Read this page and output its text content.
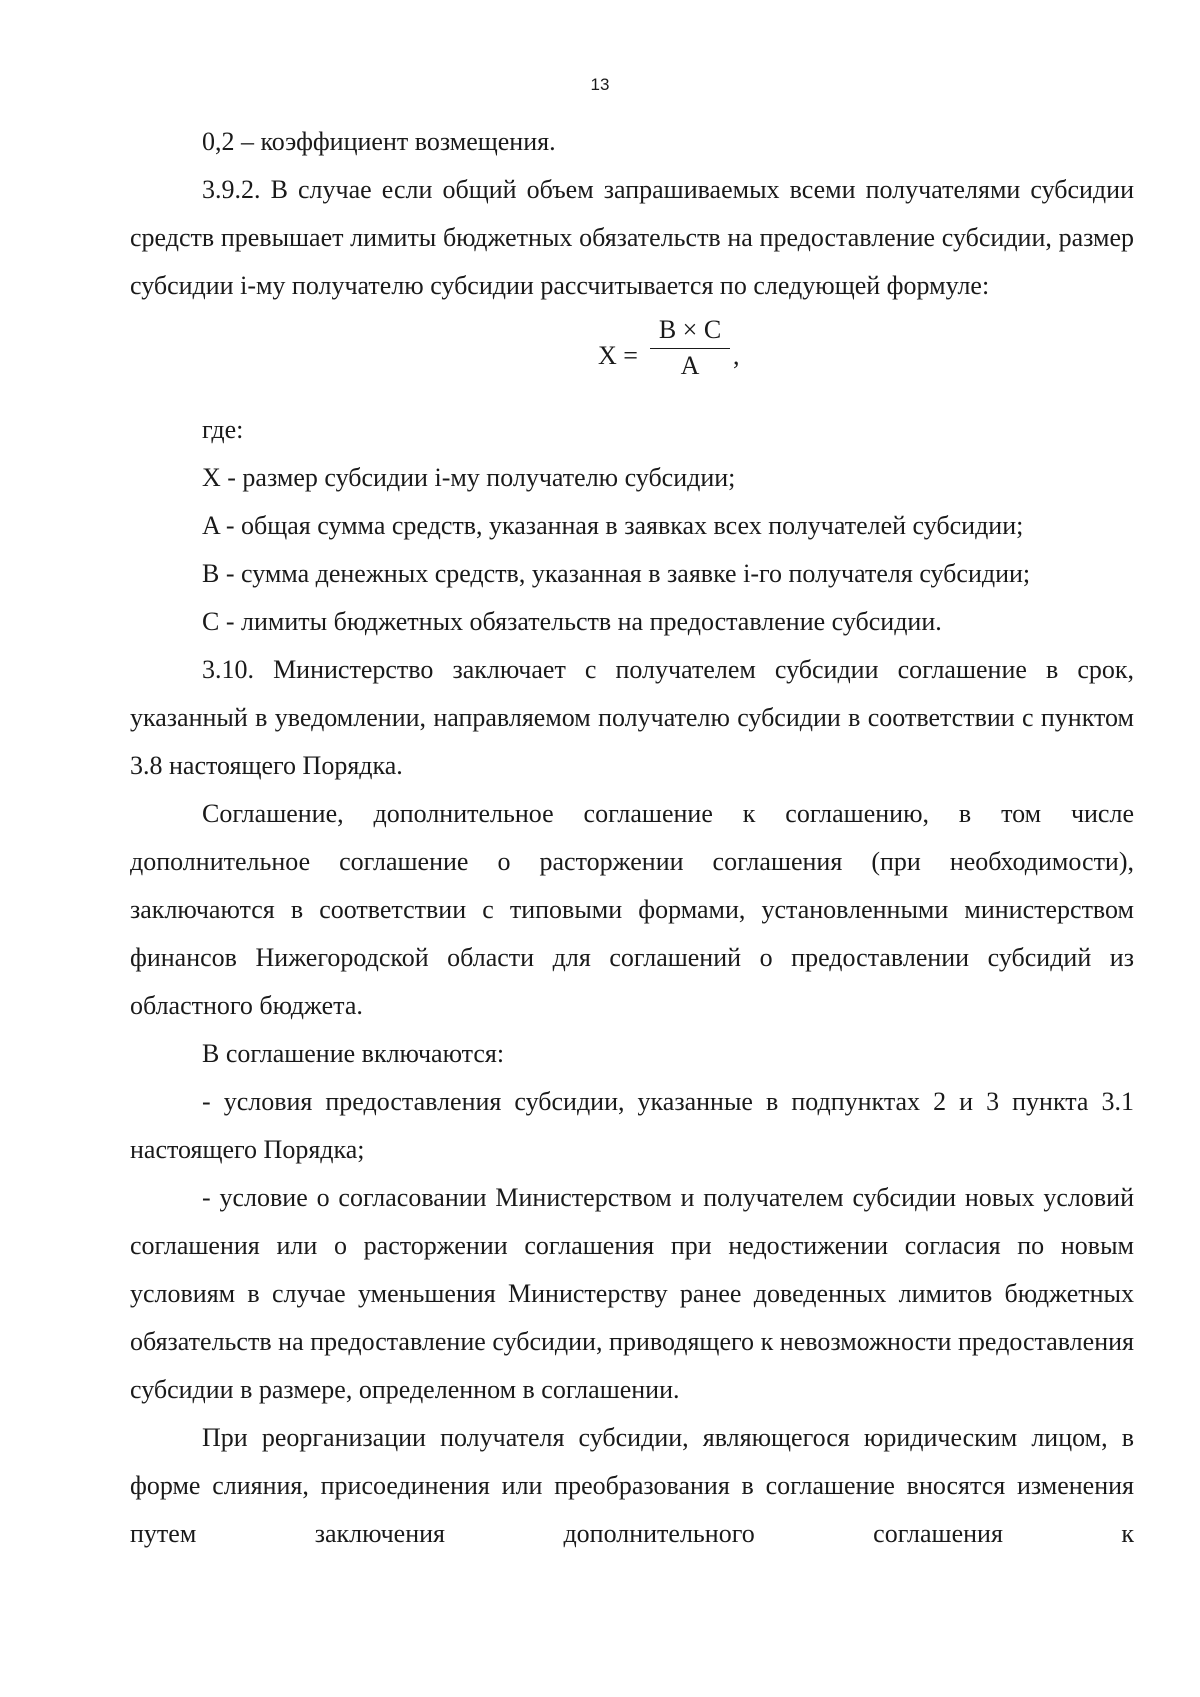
13

0,2 – коэффициент возмещения.

3.9.2. В случае если общий объем запрашиваемых всеми получателями субсидии средств превышает лимиты бюджетных обязательств на предоставление субсидии, размер субсидии i-му получателю субсидии рассчитывается по следующей формуле:

$X = \frac{B \times C}{A}$ ,

где:

X - размер субсидии i-му получателю субсидии;

A - общая сумма средств, указанная в заявках всех получателей субсидии;

B - сумма денежных средств, указанная в заявке i-го получателя субсидии;

C - лимиты бюджетных обязательств на предоставление субсидии.

3.10. Министерство заключает с получателем субсидии соглашение в срок, указанный в уведомлении, направляемом получателю субсидии в соответствии с пунктом 3.8 настоящего Порядка.

Соглашение, дополнительное соглашение к соглашению, в том числе дополнительное соглашение о расторжении соглашения (при необходимости), заключаются в соответствии с типовыми формами, установленными министерством финансов Нижегородской области для соглашений о предоставлении субсидий из областного бюджета.

В соглашение включаются:

- условия предоставления субсидии, указанные в подпунктах 2 и 3 пункта 3.1 настоящего Порядка;

- условие о согласовании Министерством и получателем субсидии новых условий соглашения или о расторжении соглашения при недостижении согласия по новым условиям в случае уменьшения Министерству ранее доведенных лимитов бюджетных обязательств на предоставление субсидии, приводящего к невозможности предоставления субсидии в размере, определенном в соглашении.

При реорганизации получателя субсидии, являющегося юридическим лицом, в форме слияния, присоединения или преобразования в соглашение вносятся изменения путем заключения дополнительного соглашения к
